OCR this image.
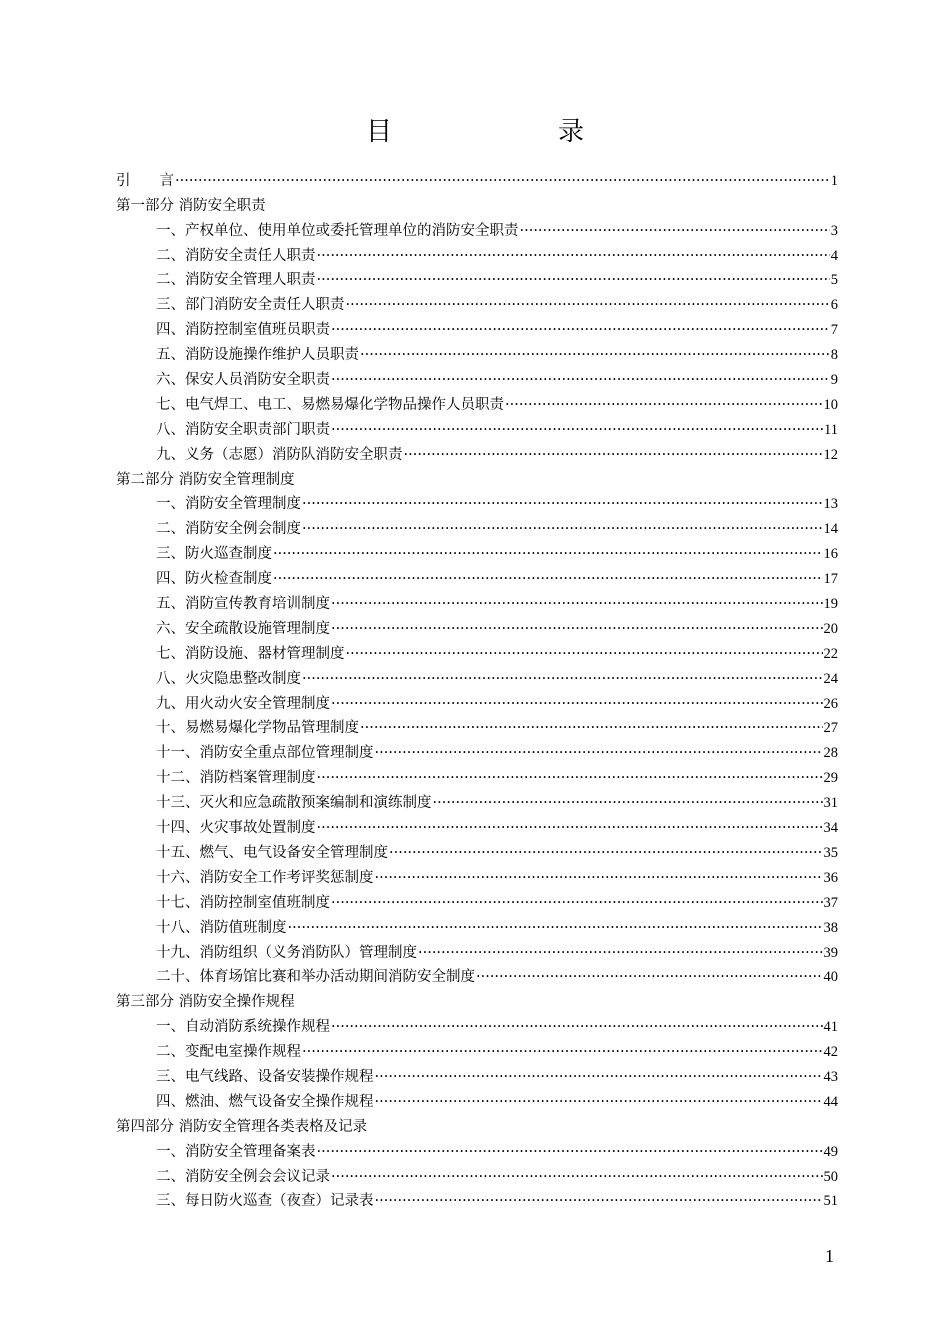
目　录
引　　言 ·····	1
第一部分 消防安全职责
一、产权单位、使用单位或委托管理单位的消防安全职责 ·····	3
二、消防安全责任人职责 ·····	4
二、消防安全管理人职责 ·····	5
三、部门消防安全责任人职责 ·····	6
四、消防控制室值班员职责 ·····	7
五、消防设施操作维护人员职责 ·····	8
六、保安人员消防安全职责 ·····	9
七、电气焊工、电工、易燃易爆化学物品操作人员职责 ·····	10
八、消防安全职责部门职责 ·····	11
九、义务（志愿）消防队消防安全职责 ·····	12
第二部分 消防安全管理制度
一、消防安全管理制度 ·····	13
二、消防安全例会制度 ·····	14
三、防火巡查制度 ·····	16
四、防火检查制度 ·····	17
五、消防宣传教育培训制度 ·····	19
六、安全疏散设施管理制度 ·····	20
七、消防设施、器材管理制度 ·····	22
八、火灾隐患整改制度 ·····	24
九、用火动火安全管理制度 ·····	26
十、易燃易爆化学物品管理制度 ·····	27
十一、消防安全重点部位管理制度 ·····	28
十二、消防档案管理制度 ·····	29
十三、灭火和应急疏散预案编制和演练制度 ·····	31
十四、火灾事故处置制度 ·····	34
十五、燃气、电气设备安全管理制度 ·····	35
十六、消防安全工作考评奖惩制度 ·····	36
十七、消防控制室值班制度 ·····	37
十八、消防值班制度 ·····	38
十九、消防组织（义务消防队）管理制度 ·····	39
二十、体育场馆比赛和举办活动期间消防安全制度 ·····	40
第三部分 消防安全操作规程
一、自动消防系统操作规程 ·····	41
二、变配电室操作规程 ·····	42
三、电气线路、设备安装操作规程 ·····	43
四、燃油、燃气设备安全操作规程 ·····	44
第四部分 消防安全管理各类表格及记录
一、消防安全管理备案表 ·····	49
二、消防安全例会会议记录 ·····	50
三、每日防火巡查（夜查）记录表 ·····	51
1
